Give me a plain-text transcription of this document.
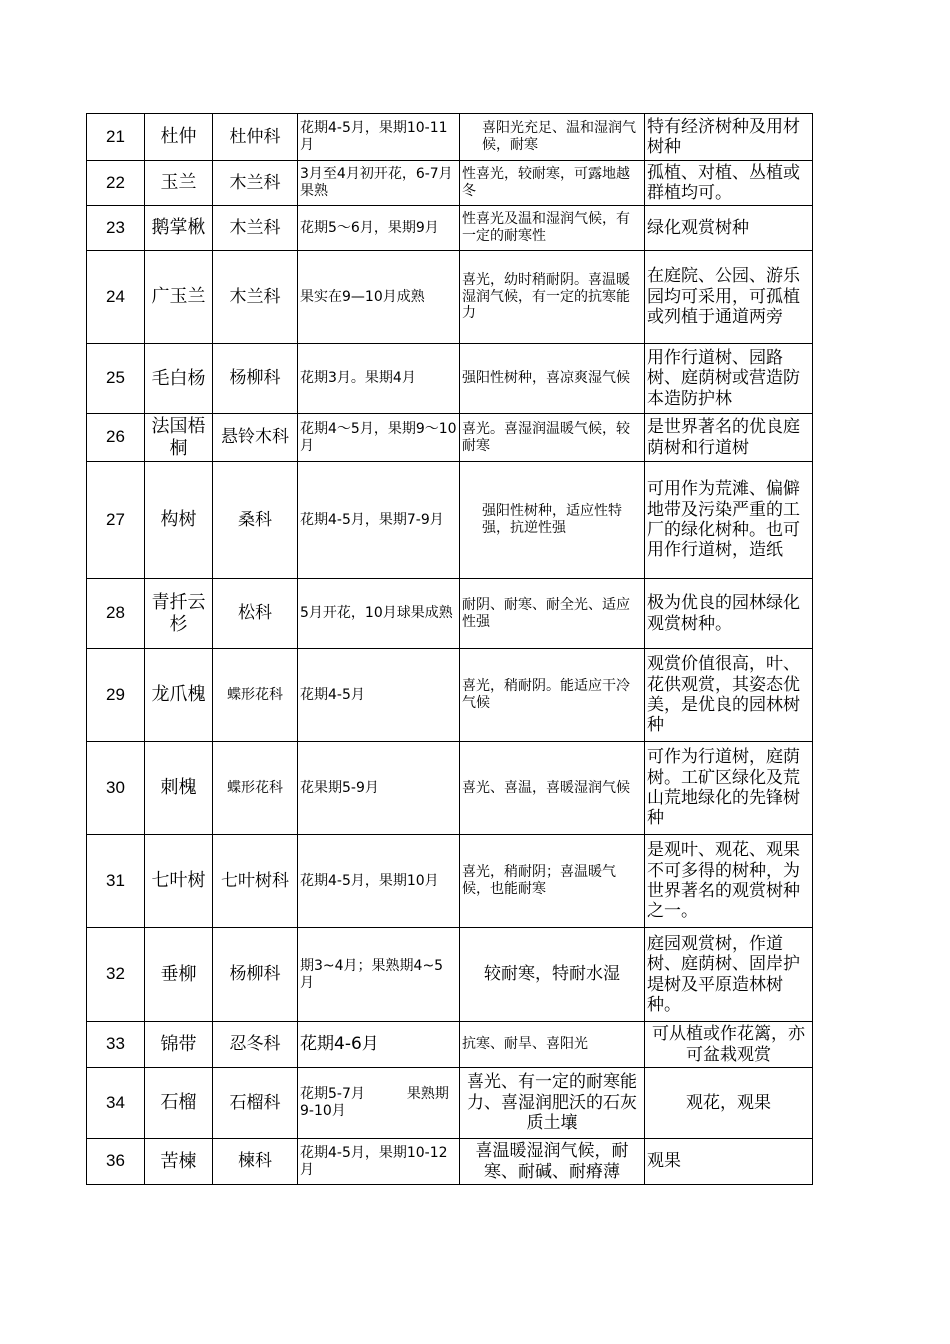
21	杜仲	杜仲科	花期4-5月，果期10-11月	喜阳光充足、温和湿润气候，耐寒	特有经济树种及用材树种
22	玉兰	木兰科	3月至4月初开花，6-7月果熟	性喜光，较耐寒，可露地越冬	孤植、对植、丛植或群植均可。
23	鹅掌楸	木兰科	花期5～6月，果期9月	性喜光及温和湿润气候，有一定的耐寒性	绿化观赏树种
24	广玉兰	木兰科	果实在9—10月成熟	喜光，幼时稍耐阴。喜温暖湿润气候，有一定的抗寒能力	在庭院、公园、游乐园均可采用，可孤植或列植于通道两旁
25	毛白杨	杨柳科	花期3月。果期4月	强阳性树种，喜凉爽湿气候	用作行道树、园路树、庭荫树或营造防本造防护林
26	法国梧桐	悬铃木科	花期4～5月，果期9～10月	喜光。喜湿润温暖气候，较耐寒	是世界著名的优良庭荫树和行道树
27	构树	桑科	花期4-5月，果期7-9月	强阳性树种，适应性特强，抗逆性强	可用作为荒滩、偏僻地带及污染严重的工厂的绿化树种。也可用作行道树，造纸
28	青扦云杉	松科	5月开花，10月球果成熟	耐阴、耐寒、耐全光、适应性强	极为优良的园林绿化观赏树种。
29	龙爪槐	蝶形花科	花期4-5月	喜光，稍耐阴。能适应干冷气候	观赏价值很高，叶、花供观赏，其姿态优美，是优良的园林树种
30	刺槐	蝶形花科	花果期5-9月	喜光、喜温，喜暖湿润气候	可作为行道树，庭荫树。工矿区绿化及荒山荒地绿化的先锋树种
31	七叶树	七叶树科	花期4-5月，果期10月	喜光，稍耐阴；喜温暖气候，也能耐寒	是观叶、观花、观果不可多得的树种，为世界著名的观赏树种之一。
32	垂柳	杨柳科	期3~4月；果熟期4~5月	较耐寒，特耐水湿	庭园观赏树，作道树、庭荫树、固岸护堤树及平原造林树种。
33	锦带	忍冬科	花期4-6月	抗寒、耐旱、喜阳光	可从植或作花篱，亦可盆栽观赏
34	石榴	石榴科	花期5-7月　　　果熟期9-10月	喜光、有一定的耐寒能力、喜湿润肥沃的石灰质土壤	观花，观果
36	苦楝	楝科	花期4-5月，果期10-12月	喜温暖湿润气候，耐寒、耐碱、耐瘠薄	观果
